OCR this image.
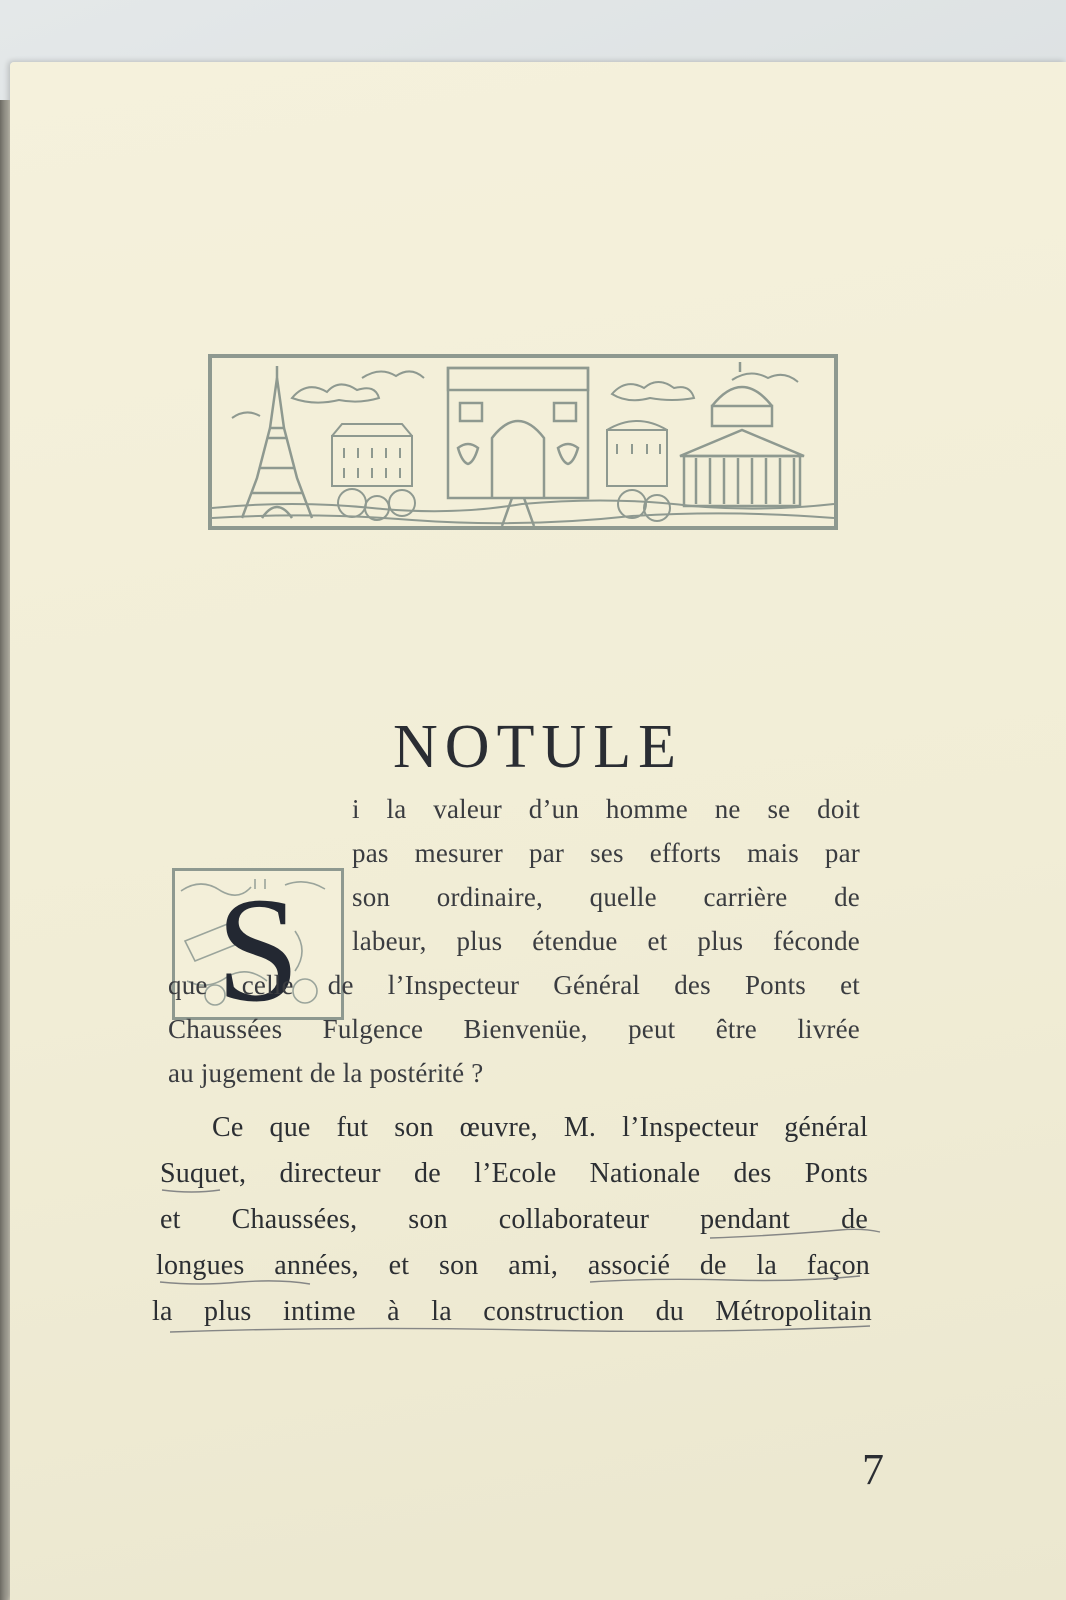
NOTULE
S
i la valeur d’un homme ne se doit
pas mesurer par ses efforts mais par
son ordinaire, quelle carrière de
labeur, plus étendue et plus féconde
que celle de l’Inspecteur Général des Ponts et
Chaussées Fulgence Bienvenüe, peut être livrée
au jugement de la postérité ?
Ce que fut son œuvre, M. l’Inspecteur général
Suquet, directeur de l’Ecole Nationale des Ponts
et Chaussées, son collaborateur pendant de
longues années, et son ami, associé de la façon
la plus intime à la construction du Métropolitain
7
